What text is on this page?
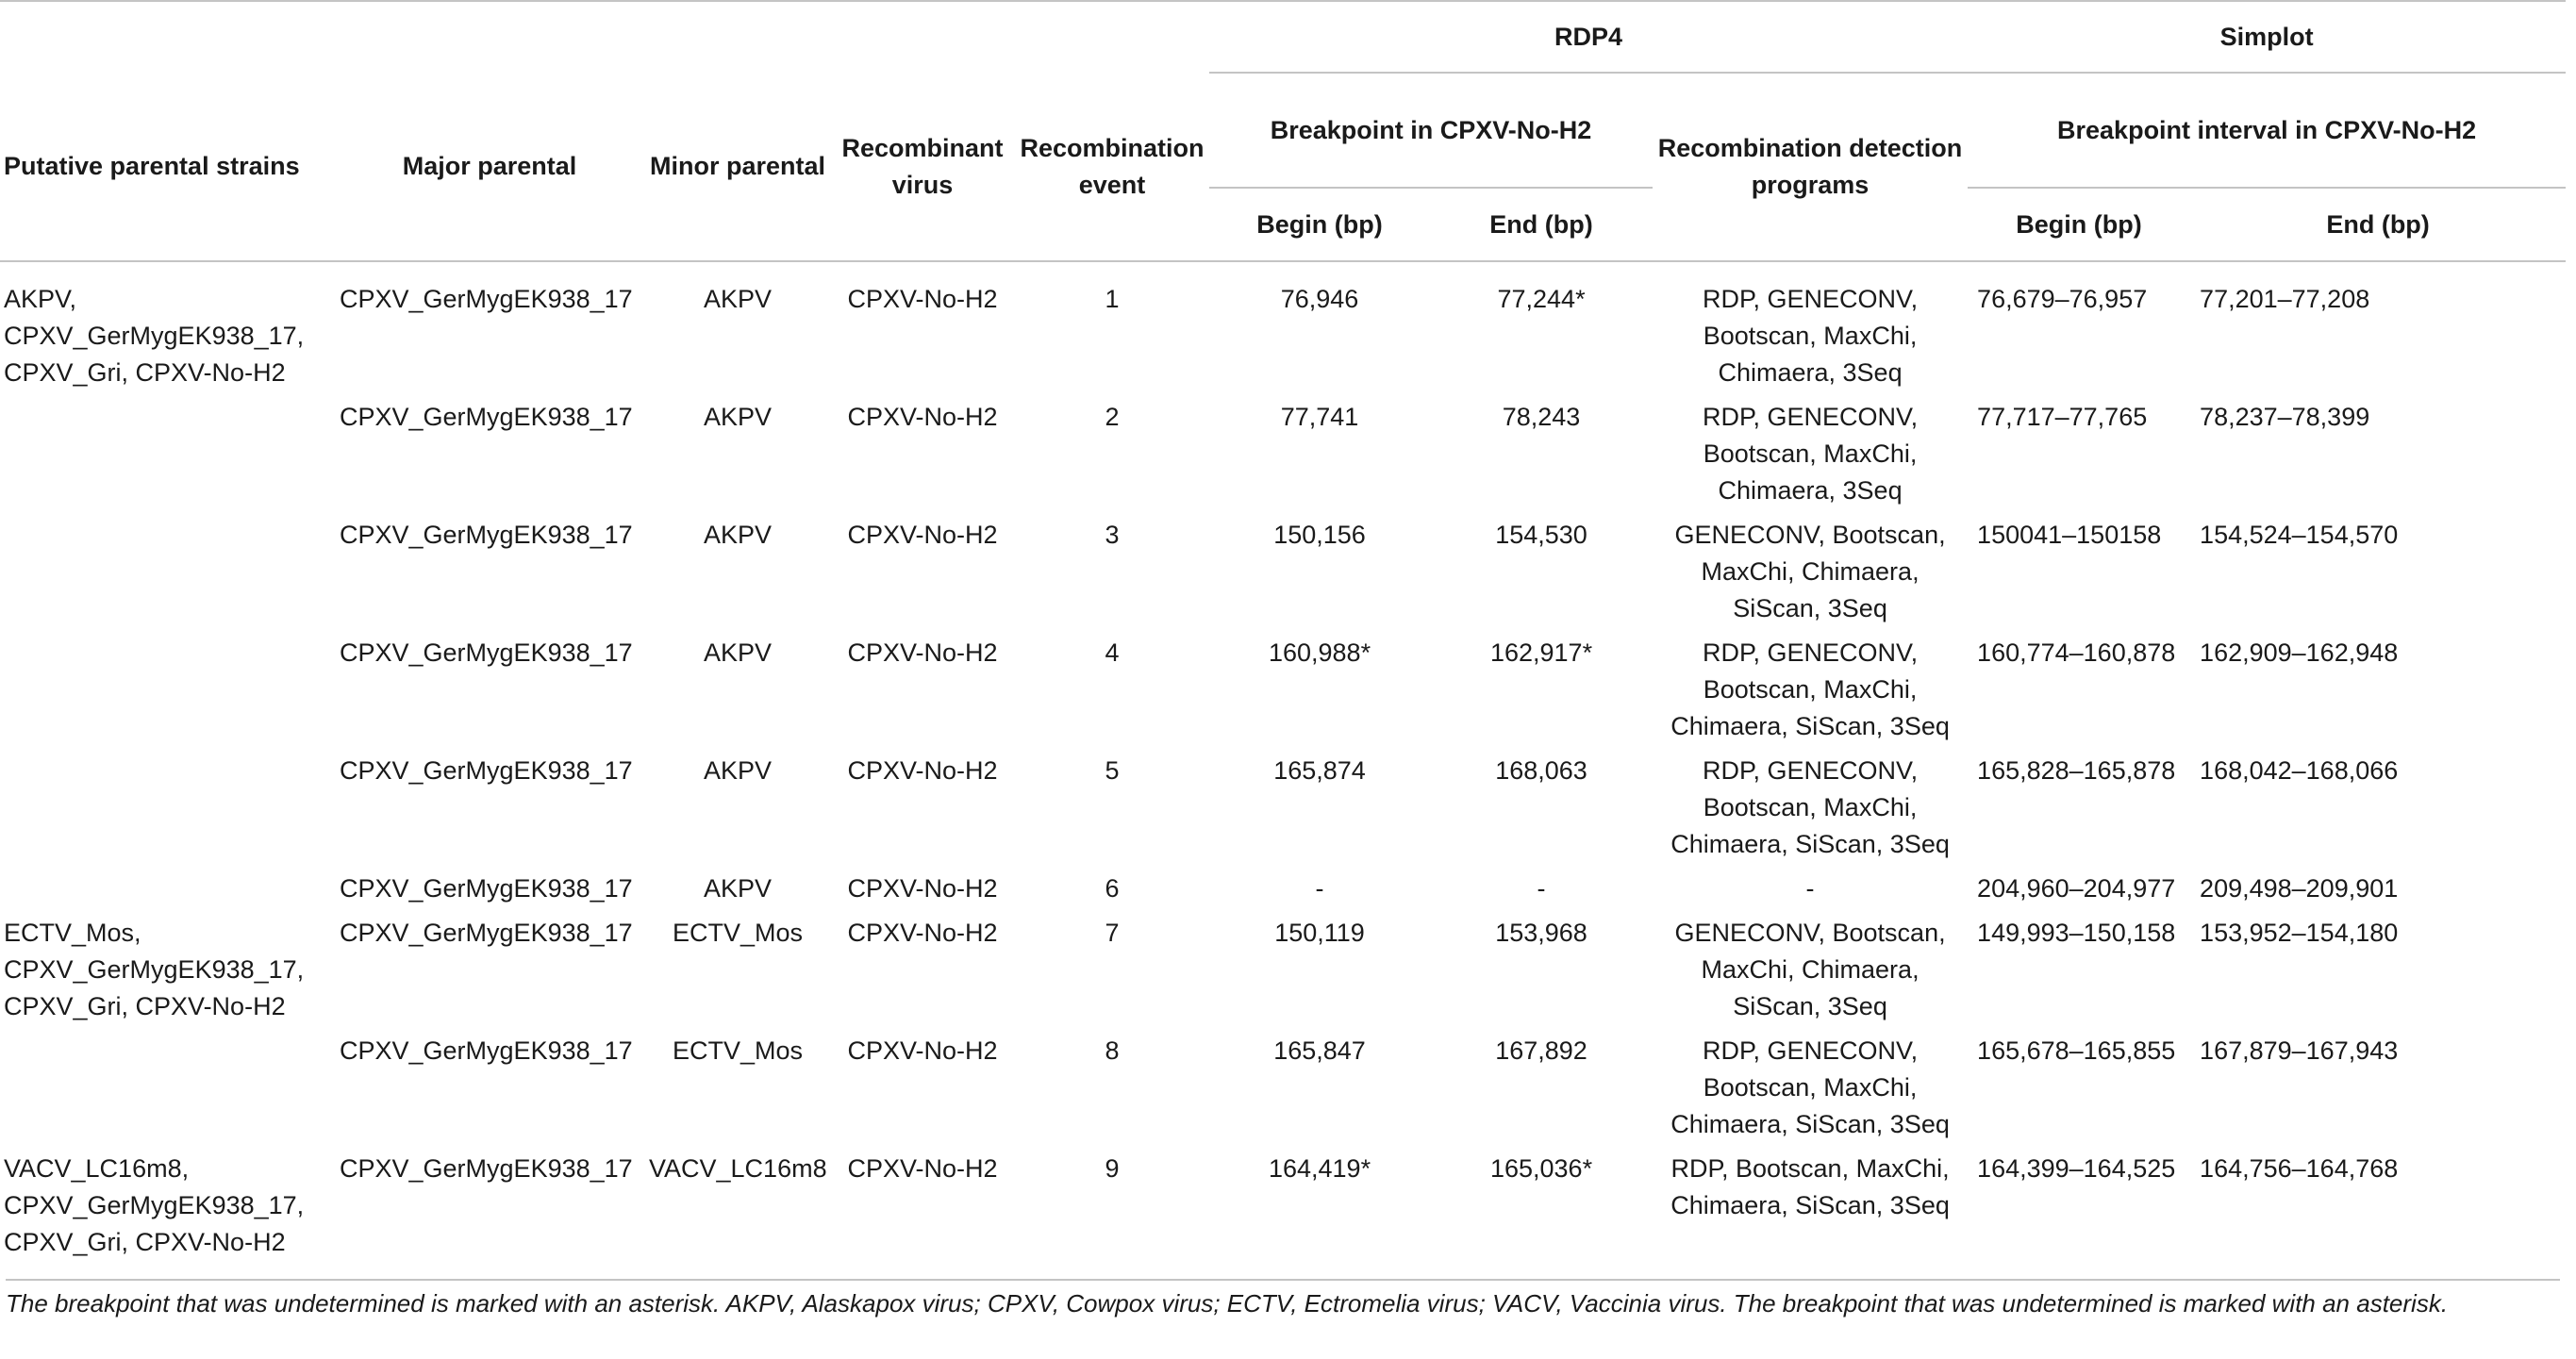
					RDP4			Simplot	
Putative parental strains	Major parental	Minor parental	Recombinant virus	Recombination event	Breakpoint in CPXV-No-H2		Recombination detection programs	Breakpoint interval in CPXV-No-H2	
					Begin (bp)	End (bp)		Begin (bp)	End (bp)
AKPV, CPXV_GerMygEK938_17, CPXV_Gri, CPXV-No-H2	CPXV_GerMygEK938_17	AKPV	CPXV-No-H2	1	76,946	77,244*	RDP, GENECONV, Bootscan, MaxChi, Chimaera, 3Seq	76,679–76,957	77,201–77,208
	CPXV_GerMygEK938_17	AKPV	CPXV-No-H2	2	77,741	78,243	RDP, GENECONV, Bootscan, MaxChi, Chimaera, 3Seq	77,717–77,765	78,237–78,399
	CPXV_GerMygEK938_17	AKPV	CPXV-No-H2	3	150,156	154,530	GENECONV, Bootscan, MaxChi, Chimaera, SiScan, 3Seq	150041–150158	154,524–154,570
	CPXV_GerMygEK938_17	AKPV	CPXV-No-H2	4	160,988*	162,917*	RDP, GENECONV, Bootscan, MaxChi, Chimaera, SiScan, 3Seq	160,774–160,878	162,909–162,948
	CPXV_GerMygEK938_17	AKPV	CPXV-No-H2	5	165,874	168,063	RDP, GENECONV, Bootscan, MaxChi, Chimaera, SiScan, 3Seq	165,828–165,878	168,042–168,066
	CPXV_GerMygEK938_17	AKPV	CPXV-No-H2	6	-	-	-	204,960–204,977	209,498–209,901
ECTV_Mos, CPXV_GerMygEK938_17, CPXV_Gri, CPXV-No-H2	CPXV_GerMygEK938_17	ECTV_Mos	CPXV-No-H2	7	150,119	153,968	GENECONV, Bootscan, MaxChi, Chimaera, SiScan, 3Seq	149,993–150,158	153,952–154,180
	CPXV_GerMygEK938_17	ECTV_Mos	CPXV-No-H2	8	165,847	167,892	RDP, GENECONV, Bootscan, MaxChi, Chimaera, SiScan, 3Seq	165,678–165,855	167,879–167,943
VACV_LC16m8, CPXV_GerMygEK938_17, CPXV_Gri, CPXV-No-H2	CPXV_GerMygEK938_17	VACV_LC16m8	CPXV-No-H2	9	164,419*	165,036*	RDP, Bootscan, MaxChi, Chimaera, SiScan, 3Seq	164,399–164,525	164,756–164,768
The breakpoint that was undetermined is marked with an asterisk. AKPV, Alaskapox virus; CPXV, Cowpox virus; ECTV, Ectromelia virus; VACV, Vaccinia virus. The breakpoint that was undetermined is marked with an asterisk.
